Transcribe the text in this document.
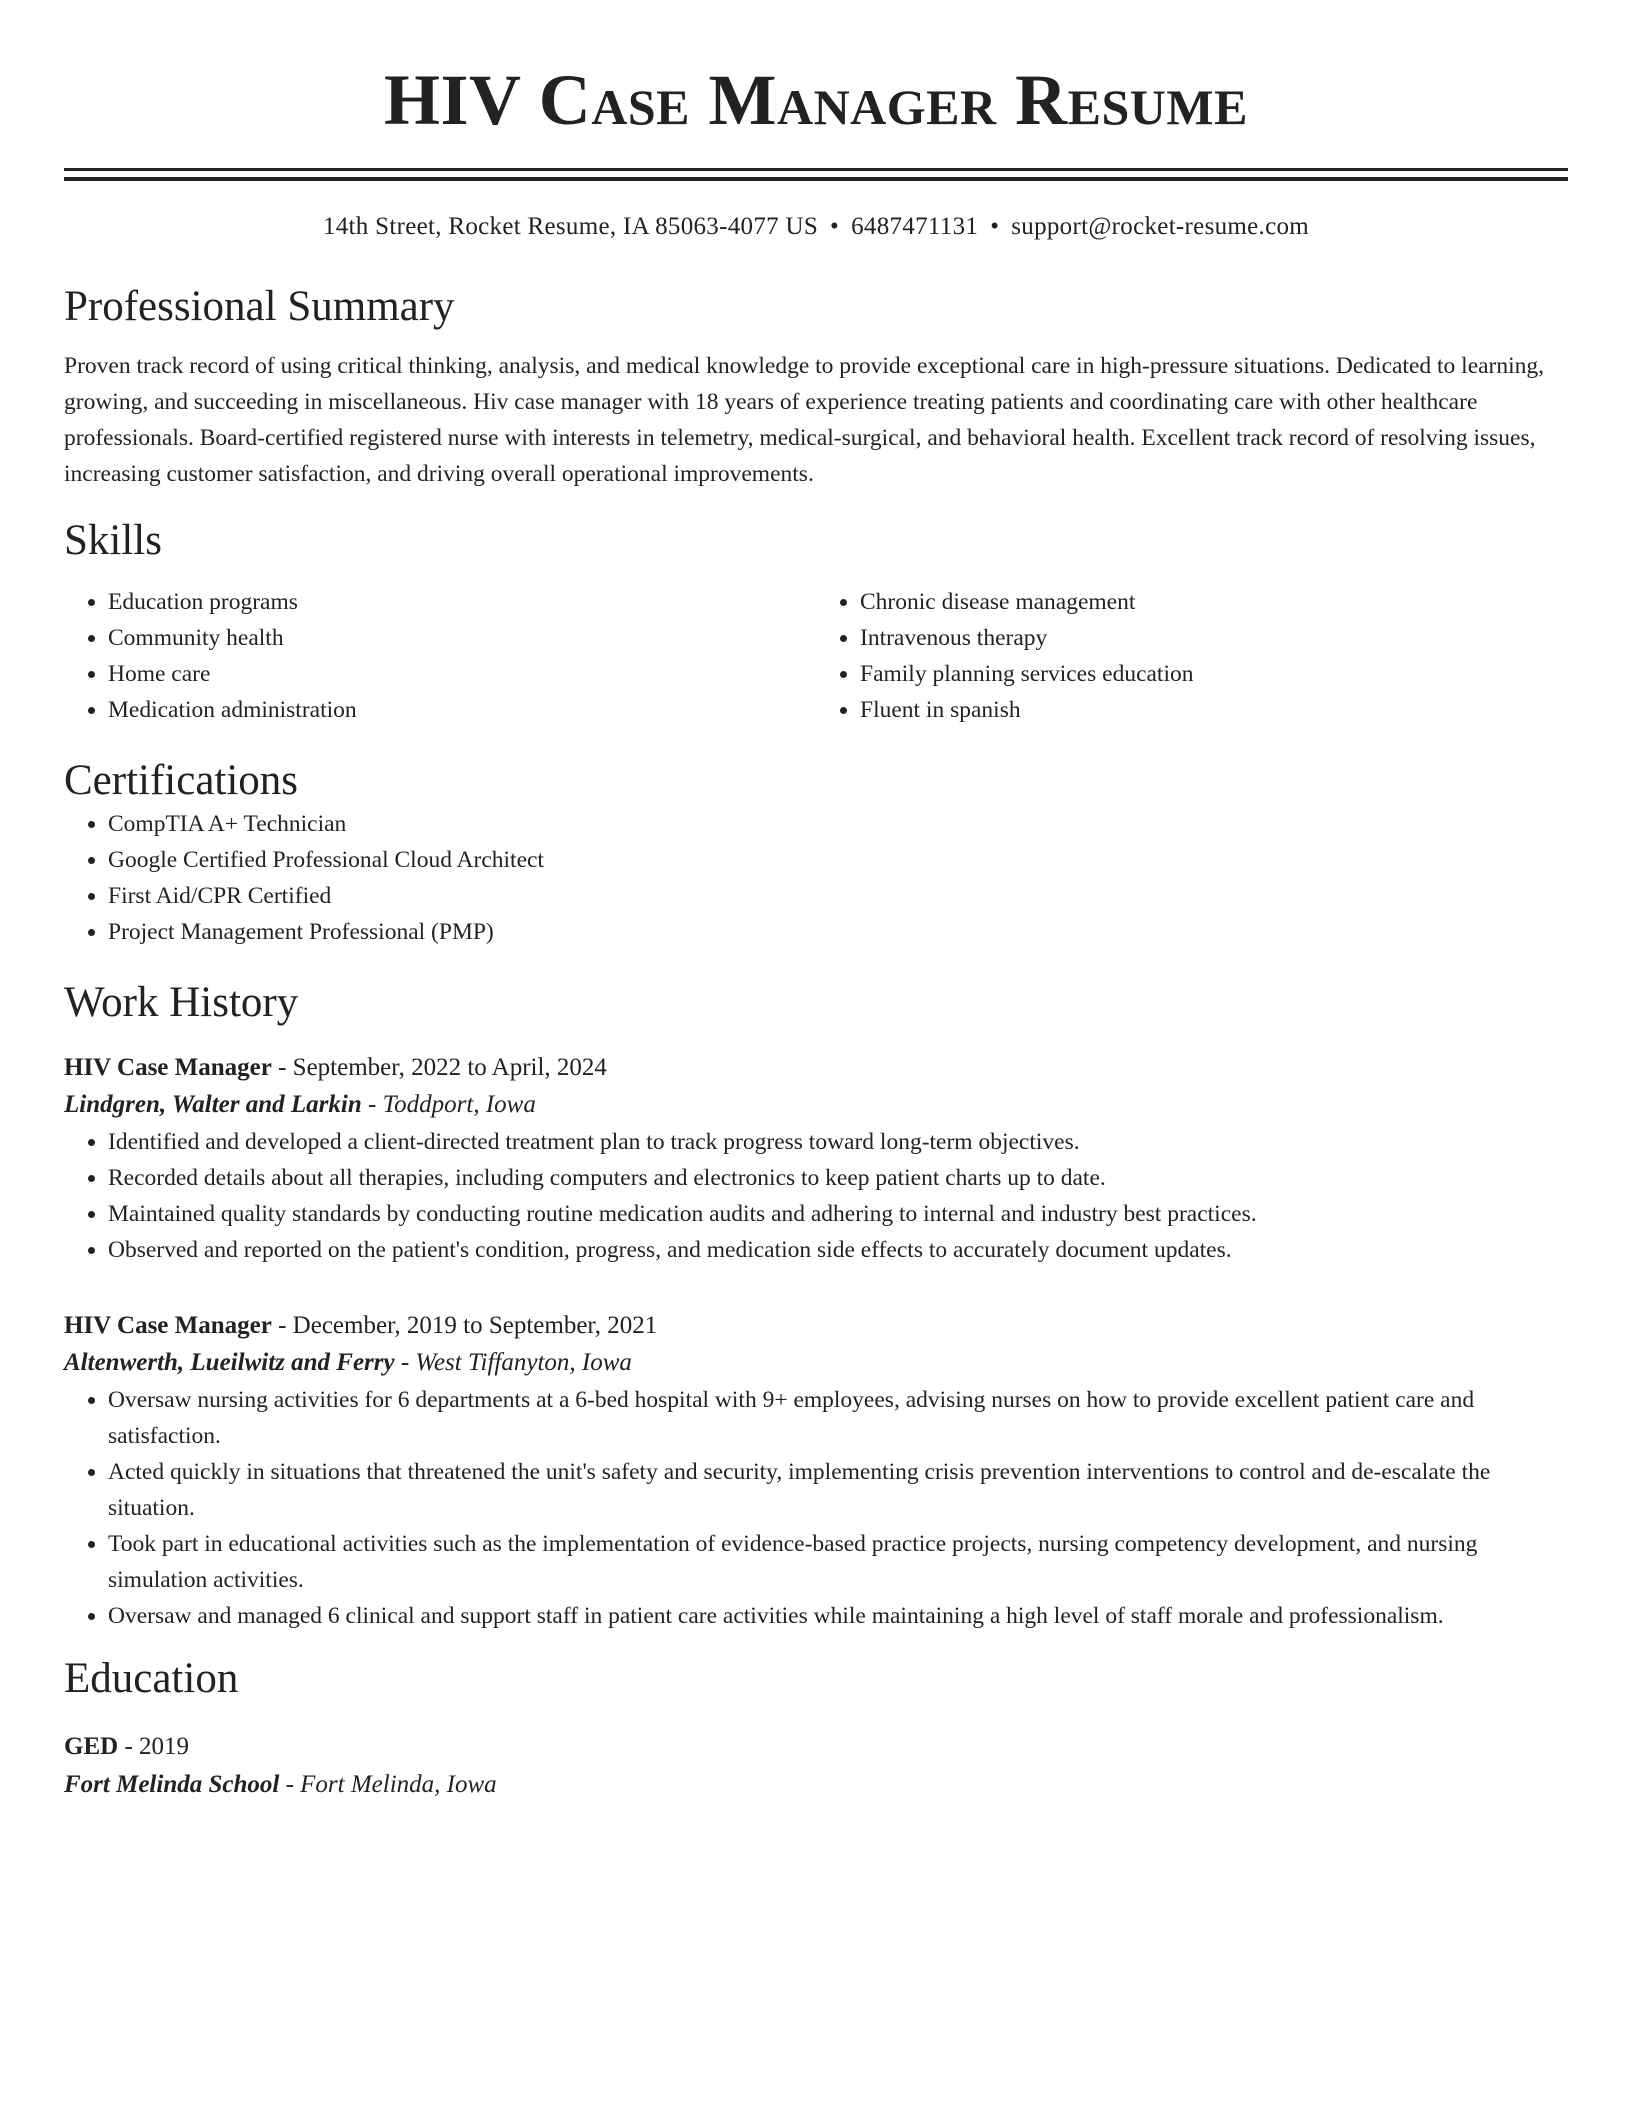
HIV Case Manager Resume
14th Street, Rocket Resume, IA 85063-4077 US • 6487471131 • support@rocket-resume.com
Professional Summary

Proven track record of using critical thinking, analysis, and medical knowledge to provide exceptional care in high-pressure situations. Dedicated to learning, growing, and succeeding in miscellaneous. Hiv case manager with 18 years of experience treating patients and coordinating care with other healthcare professionals. Board-certified registered nurse with interests in telemetry, medical-surgical, and behavioral health. Excellent track record of resolving issues, increasing customer satisfaction, and driving overall operational improvements.

Skills
• Education programs
• Community health
• Home care
• Medication administration
• Chronic disease management
• Intravenous therapy
• Family planning services education
• Fluent in spanish
Certifications
• CompTIA A+ Technician
• Google Certified Professional Cloud Architect
• First Aid/CPR Certified
• Project Management Professional (PMP)
Work History
HIV Case Manager - September, 2022 to April, 2024
Lindgren, Walter and Larkin - Toddport, Iowa
• Identified and developed a client-directed treatment plan to track progress toward long-term objectives.
• Recorded details about all therapies, including computers and electronics to keep patient charts up to date.
• Maintained quality standards by conducting routine medication audits and adhering to internal and industry best practices.
• Observed and reported on the patient's condition, progress, and medication side effects to accurately document updates.
HIV Case Manager - December, 2019 to September, 2021
Altenwerth, Lueilwitz and Ferry - West Tiffanyton, Iowa
• Oversaw nursing activities for 6 departments at a 6-bed hospital with 9+ employees, advising nurses on how to provide excellent patient care and satisfaction.
• Acted quickly in situations that threatened the unit's safety and security, implementing crisis prevention interventions to control and de-escalate the situation.
• Took part in educational activities such as the implementation of evidence-based practice projects, nursing competency development, and nursing simulation activities.
• Oversaw and managed 6 clinical and support staff in patient care activities while maintaining a high level of staff morale and professionalism.
Education
GED - 2019
Fort Melinda School - Fort Melinda, Iowa
